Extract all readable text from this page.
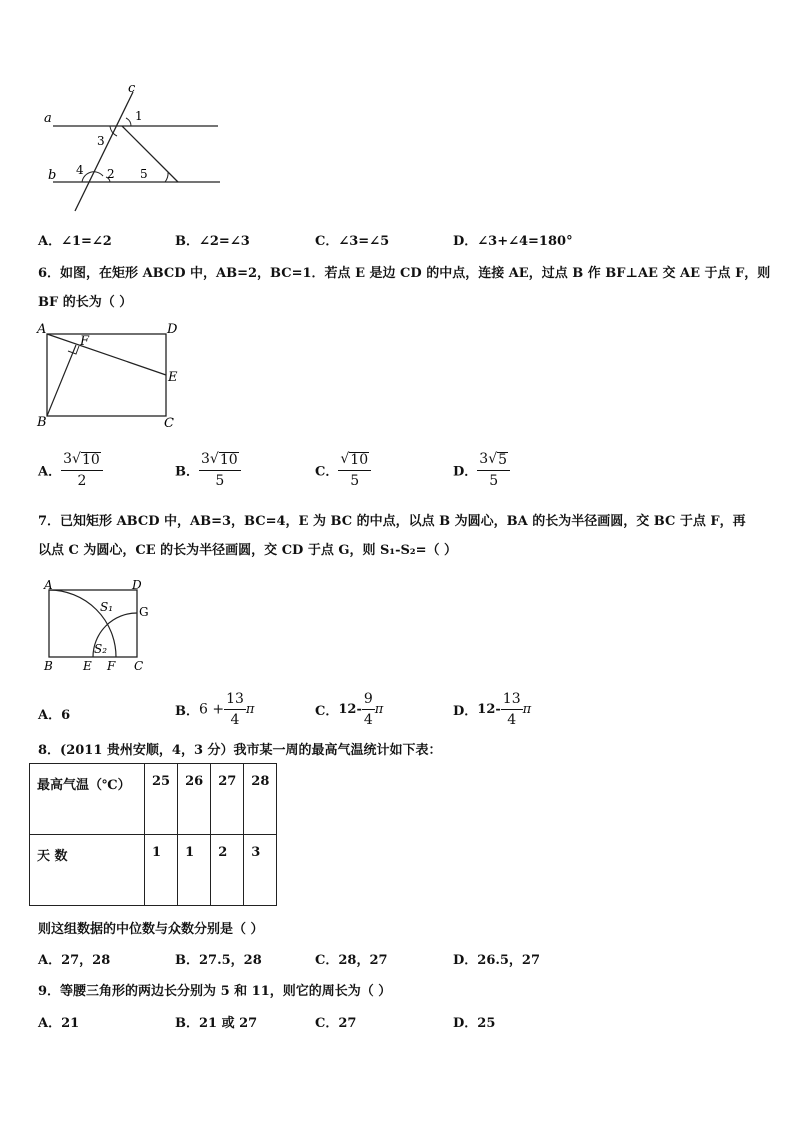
a
b
c
1
3
4 2 5
A．∠1=∠2	B．∠2=∠3	C．∠3=∠5	D．∠3+∠4=180°
6．如图，在矩形 ABCD 中，AB=2，BC=1．若点 E 是边 CD 的中点，连接 AE，过点 B 作 BF⊥AE 交 AE 于点 F，则
BF 的长为（ ）
A
F
D
E
B	C
A． $\frac{3√ 10}{2}$	B． $\frac{3√ 10}{5}$	C． $\frac{√ 10}{5}$	D． $\frac{3√ 5}{5}$
7．已知矩形 ABCD 中，AB=3，BC=4，E 为 BC 的中点，以点 B 为圆心，BA 的长为半径画圆，交 BC 于点 F，再
以点 C 为圆心，CE 的长为半径画圆，交 CD 于点 G，则 S₁-S₂=（ ）
A	D
G
S₁
S₂
B	E F C
A．6	B．$6 + \frac{13}{4}$ π	C．$12- \frac{9}{4}$ π	D．$12- \frac{13}{4}$ π
8．(2011 贵州安顺，4，3 分）我市某一周的最高气温统计如下表：
最高气温（℃）	25	26	27	28
天 数	1	1	2	3
则这组数据的中位数与众数分别是（ ）
A．27，28	B．27.5，28	C．28，27	D．26.5，27
9．等腰三角形的两边长分别为 5 和 11，则它的周长为（ ）
A．21	B．21 或 27	C．27	D．25
